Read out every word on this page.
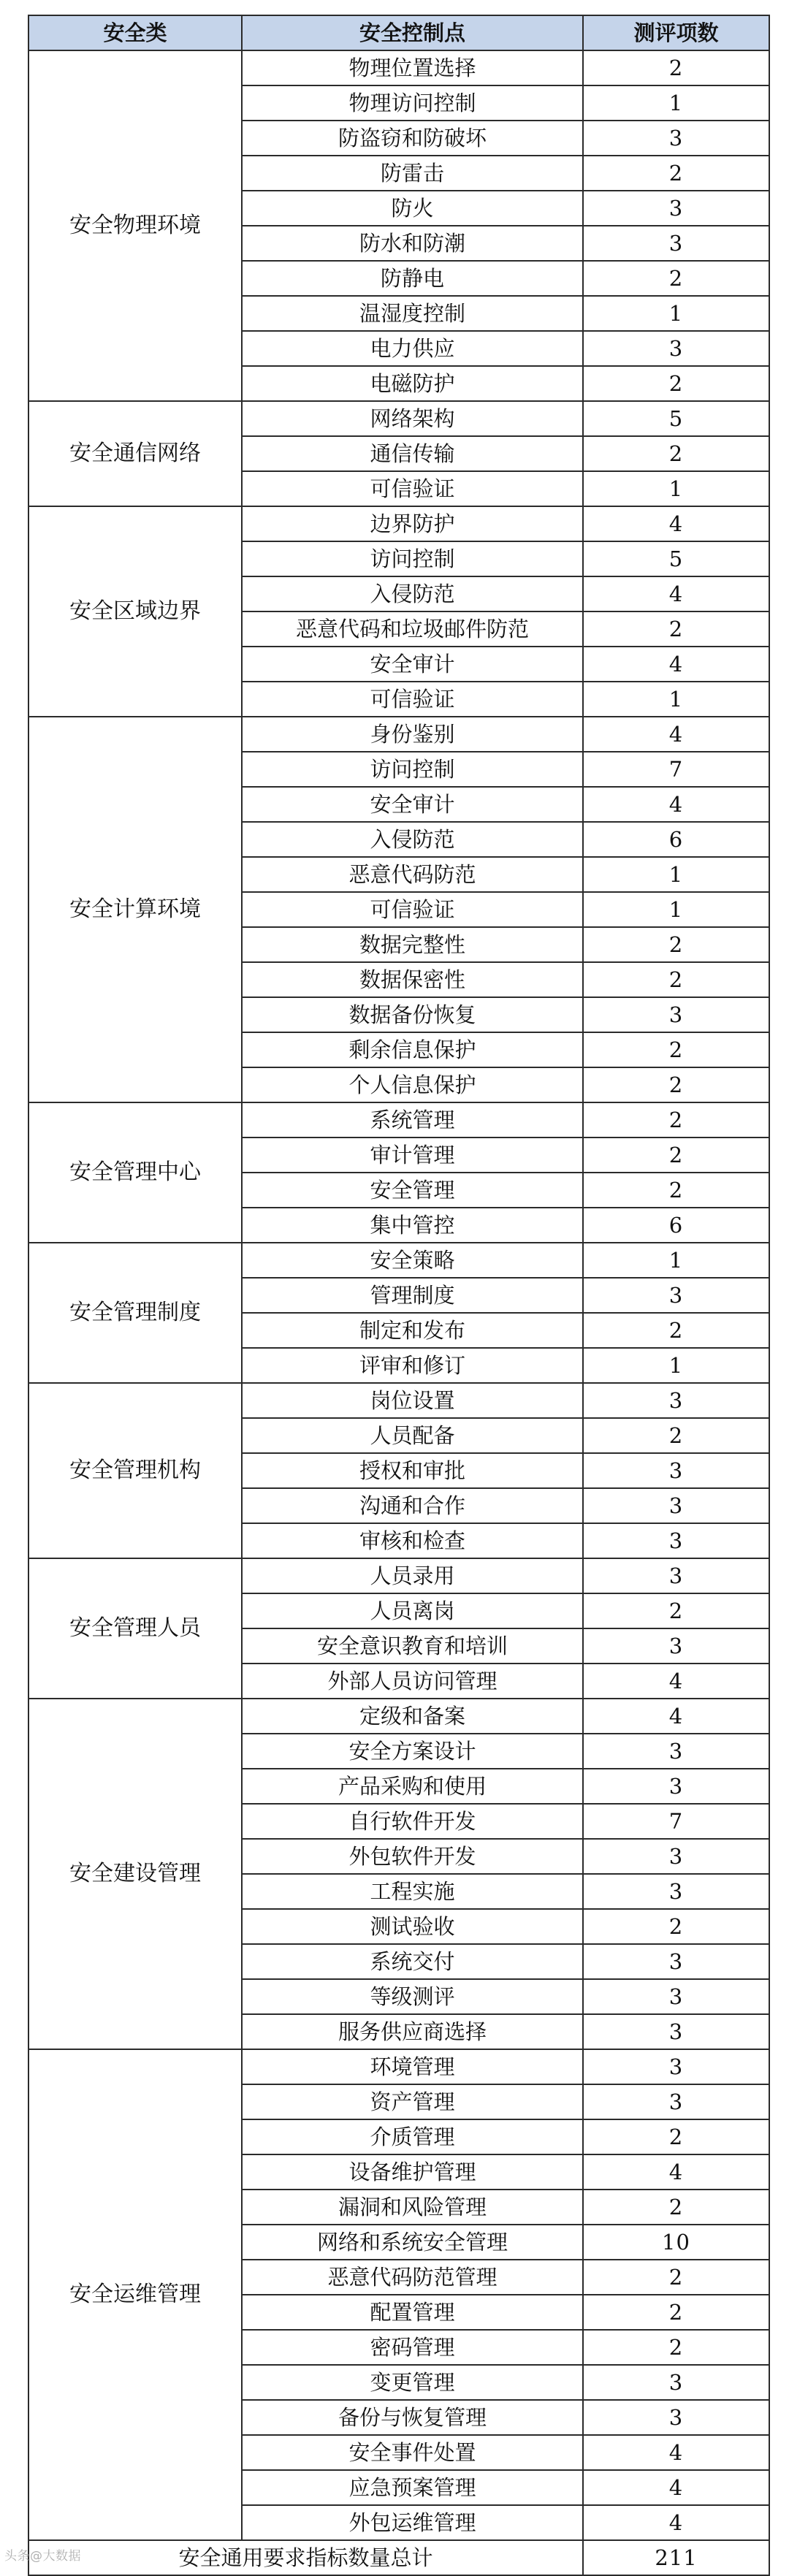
安全类	安全控制点	测评项数
安全物理环境	物理位置选择	2
	物理访问控制	1
	防盗窃和防破坏	3
	防雷击	2
	防火	3
	防水和防潮	3
	防静电	2
	温湿度控制	1
	电力供应	3
	电磁防护	2
安全通信网络	网络架构	5
	通信传输	2
	可信验证	1
安全区域边界	边界防护	4
	访问控制	5
	入侵防范	4
	恶意代码和垃圾邮件防范	2
	安全审计	4
	可信验证	1
安全计算环境	身份鉴别	4
	访问控制	7
	安全审计	4
	入侵防范	6
	恶意代码防范	1
	可信验证	1
	数据完整性	2
	数据保密性	2
	数据备份恢复	3
	剩余信息保护	2
	个人信息保护	2
安全管理中心	系统管理	2
	审计管理	2
	安全管理	2
	集中管控	6
安全管理制度	安全策略	1
	管理制度	3
	制定和发布	2
	评审和修订	1
安全管理机构	岗位设置	3
	人员配备	2
	授权和审批	3
	沟通和合作	3
	审核和检查	3
安全管理人员	人员录用	3
	人员离岗	2
	安全意识教育和培训	3
	外部人员访问管理	4
安全建设管理	定级和备案	4
	安全方案设计	3
	产品采购和使用	3
	自行软件开发	7
	外包软件开发	3
	工程实施	3
	测试验收	2
	系统交付	3
	等级测评	3
	服务供应商选择	3
安全运维管理	环境管理	3
	资产管理	3
	介质管理	2
	设备维护管理	4
	漏洞和风险管理	2
	网络和系统安全管理	10
	恶意代码防范管理	2
	配置管理	2
	密码管理	2
	变更管理	3
	备份与恢复管理	3
	安全事件处置	4
	应急预案管理	4
	外包运维管理	4
安全通用要求指标数量总计		211
头条@大数据
